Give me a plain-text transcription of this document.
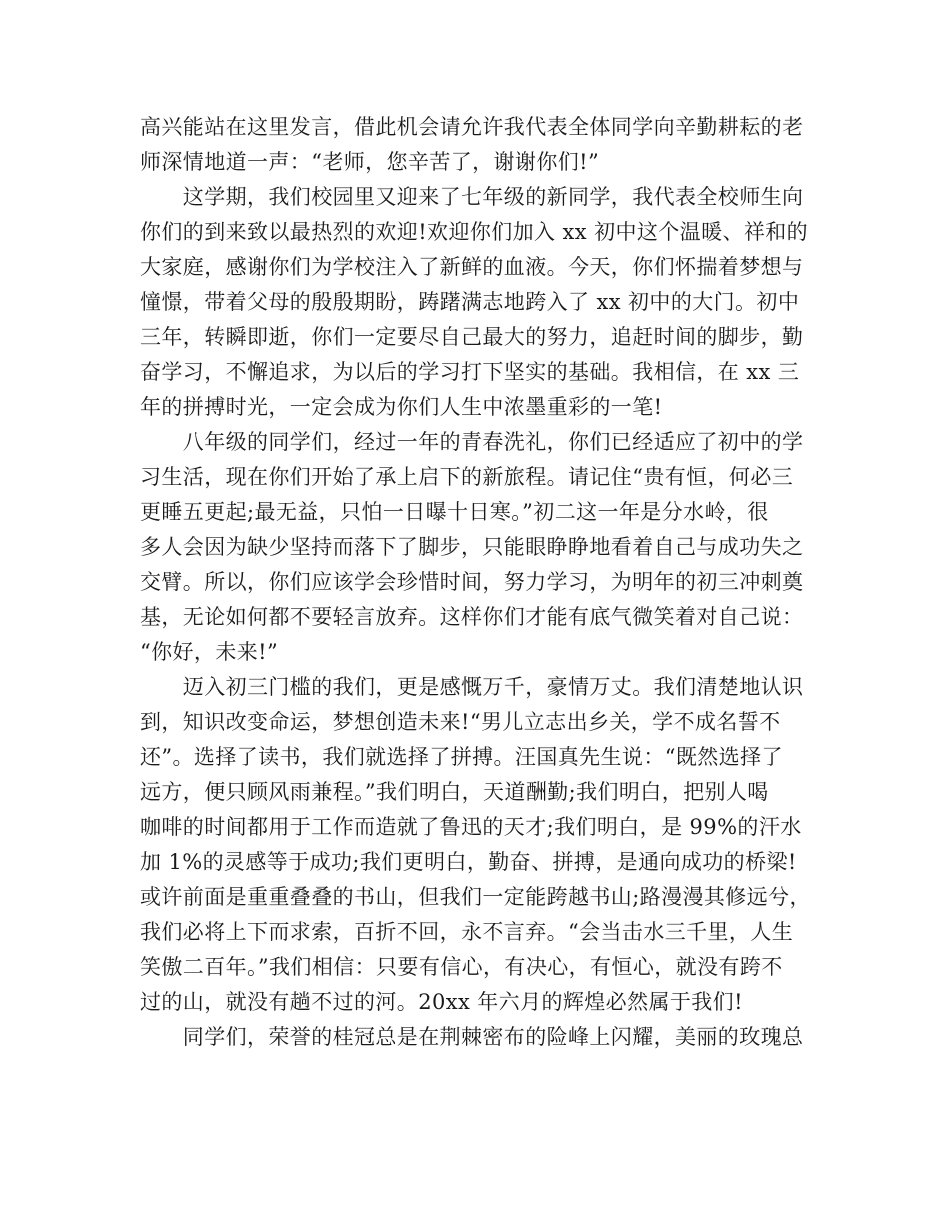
高兴能站在这里发言，借此机会请允许我代表全体同学向辛勤耕耘的老
师深情地道一声：“老师，您辛苦了，谢谢你们!”
　　这学期，我们校园里又迎来了七年级的新同学，我代表全校师生向
你们的到来致以最热烈的欢迎!欢迎你们加入 xx 初中这个温暖、祥和的
大家庭，感谢你们为学校注入了新鲜的血液。今天，你们怀揣着梦想与
憧憬，带着父母的殷殷期盼，踌躇满志地跨入了 xx 初中的大门。初中
三年，转瞬即逝，你们一定要尽自己最大的努力，追赶时间的脚步，勤
奋学习，不懈追求，为以后的学习打下坚实的基础。我相信，在 xx 三
年的拼搏时光，一定会成为你们人生中浓墨重彩的一笔!
　　八年级的同学们，经过一年的青春洗礼，你们已经适应了初中的学
习生活，现在你们开始了承上启下的新旅程。请记住“贵有恒，何必三
更睡五更起;最无益，只怕一日曝十日寒。”初二这一年是分水岭，很
多人会因为缺少坚持而落下了脚步，只能眼睁睁地看着自己与成功失之
交臂。所以，你们应该学会珍惜时间，努力学习，为明年的初三冲刺奠
基，无论如何都不要轻言放弃。这样你们才能有底气微笑着对自己说：
“你好，未来!”
　　迈入初三门槛的我们，更是感慨万千，豪情万丈。我们清楚地认识
到，知识改变命运，梦想创造未来!“男儿立志出乡关，学不成名誓不
还”。选择了读书，我们就选择了拼搏。汪国真先生说：“既然选择了
远方，便只顾风雨兼程。”我们明白，天道酬勤;我们明白，把别人喝
咖啡的时间都用于工作而造就了鲁迅的天才;我们明白，是 99%的汗水
加 1%的灵感等于成功;我们更明白，勤奋、拼搏，是通向成功的桥梁!
或许前面是重重叠叠的书山，但我们一定能跨越书山;路漫漫其修远兮，
我们必将上下而求索，百折不回，永不言弃。“会当击水三千里，人生
笑傲二百年。”我们相信：只要有信心，有决心，有恒心，就没有跨不
过的山，就没有趟不过的河。20xx 年六月的辉煌必然属于我们!
　　同学们，荣誉的桂冠总是在荆棘密布的险峰上闪耀，美丽的玫瑰总
